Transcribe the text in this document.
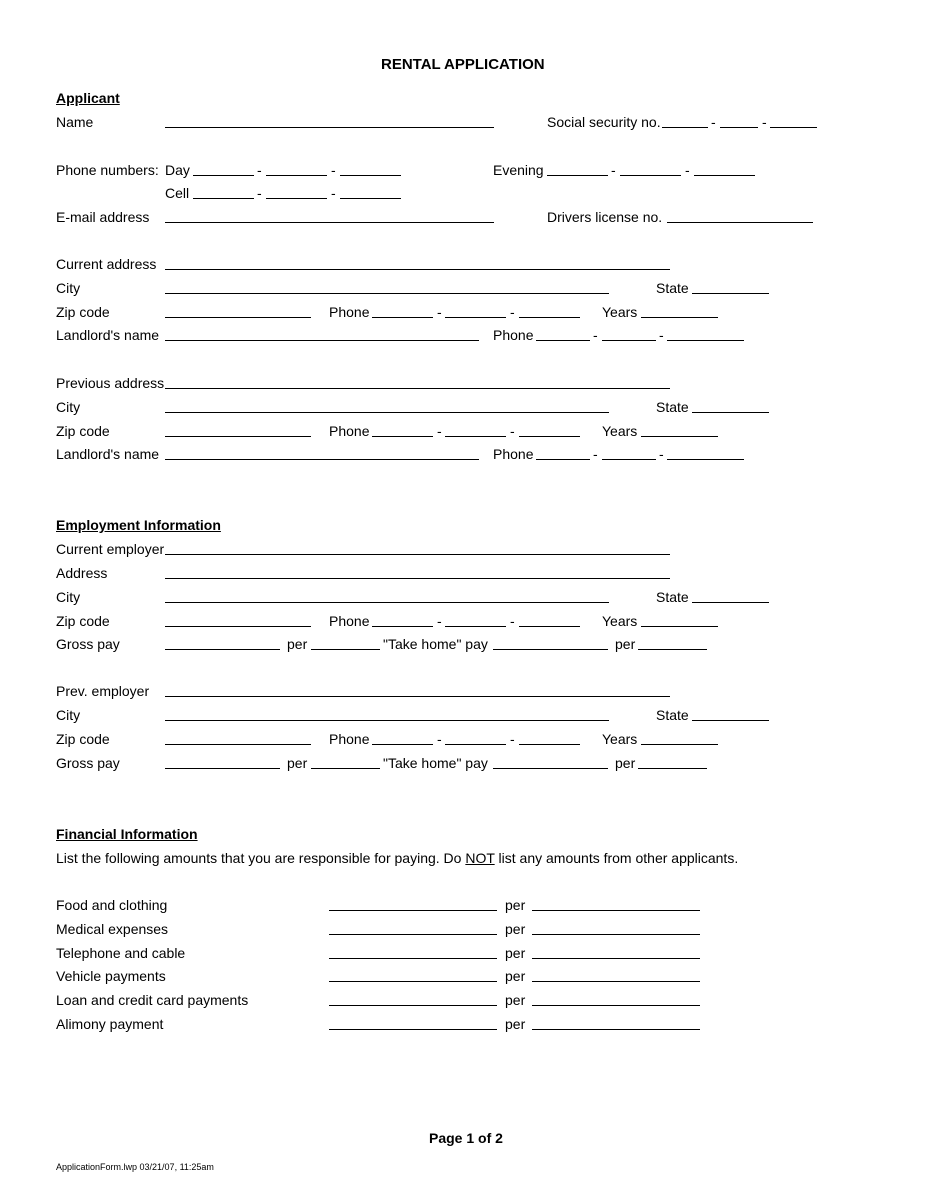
RENTAL APPLICATION
Applicant
Name	Social security no.	-	-
Phone numbers: Day	-	-	Evening	-	-
Cell	-	-
E-mail address	Drivers license no.
Current address
City	State
Zip code	Phone	-	-	Years
Landlord's name	Phone	-	-
Previous address
City	State
Zip code	Phone	-	-	Years
Landlord's name	Phone	-	-
Employment Information
Current employer
Address
City	State
Zip code	Phone	-	-	Years
Gross pay	per	"Take home" pay	per
Prev. employer
City	State
Zip code	Phone	-	-	Years
Gross pay	per	"Take home" pay	per
Financial Information
List the following amounts that you are responsible for paying. Do NOT list any amounts from other applicants.
Food and clothing	per
Medical expenses	per
Telephone and cable	per
Vehicle payments	per
Loan and credit card payments	per
Alimony payment	per
Page 1 of 2
ApplicationForm.lwp 03/21/07, 11:25am
